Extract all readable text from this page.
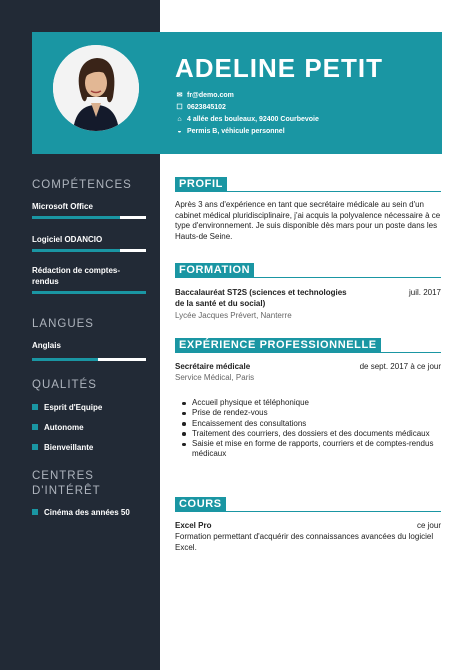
COMPÉTENCES
Microsoft Office
Logiciel ODANCIO
Rédaction de comptes-rendus
LANGUES
Anglais
QUALITÉS
Esprit d'Equipe
Autonome
Bienveillante
CENTRES D'INTÉRÊT
Cinéma des années 50
ADELINE PETIT
✉ fr@demo.com
☐ 0623845102
⌂ 4 allée des bouleaux, 92400 Courbevoie
◒ Permis B, véhicule personnel
PROFIL
Après 3 ans d'expérience en tant que secrétaire médicale au sein d'un cabinet médical pluridisciplinaire, j'ai acquis la polyvalence nécessaire à ce type d'environnement. Je suis disponible dès mars pour un poste dans les Hauts-de Seine.
FORMATION
Baccalauréat ST2S (sciences et technologies de la santé et du social)
juil. 2017
Lycée Jacques Prévert, Nanterre
EXPÉRIENCE PROFESSIONNELLE
Secrétaire médicale	de sept. 2017 à ce jour
Service Médical, Paris
Accueil physique et téléphonique
Prise de rendez-vous
Encaissement des consultations
Traitement des courriers, des dossiers et des documents médicaux
Saisie et mise en forme de rapports, courriers et de comptes-rendus médicaux
COURS
Excel Pro	ce jour
Formation permettant d'acquérir des connaissances avancées du logiciel Excel.
